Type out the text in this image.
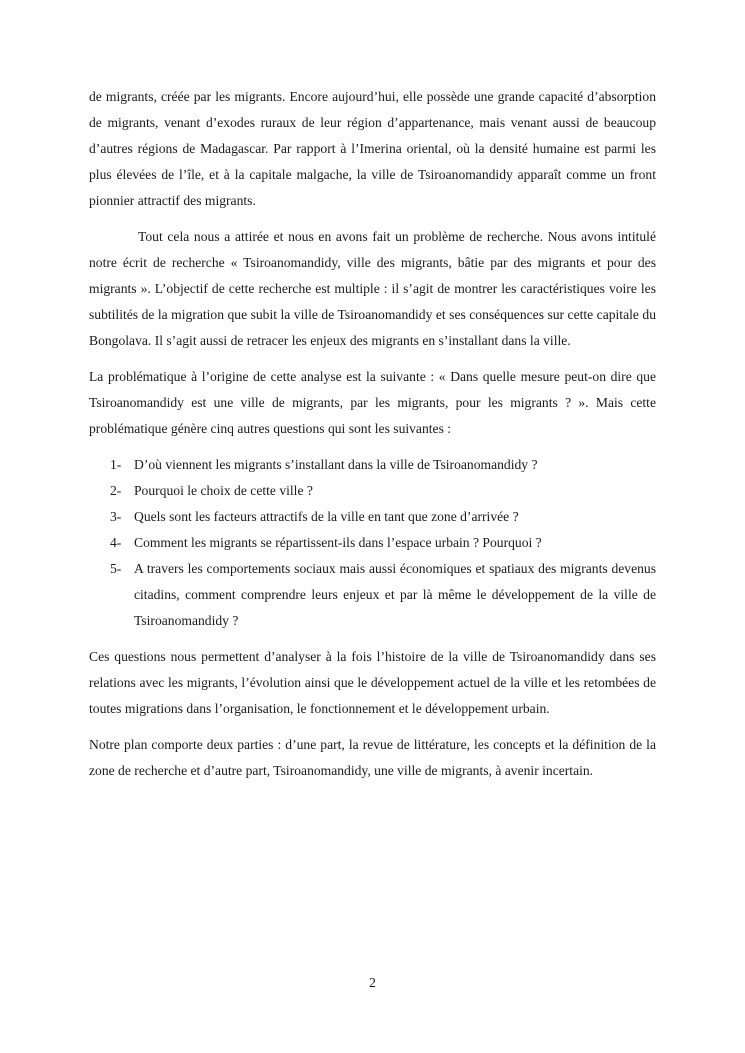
de migrants, créée par les migrants. Encore aujourd’hui, elle possède une grande capacité d’absorption de migrants, venant d’exodes ruraux de leur région d’appartenance, mais venant aussi de beaucoup d’autres régions de Madagascar. Par rapport à l’Imerina oriental, où la densité humaine est parmi les plus élevées de l’île, et à la capitale malgache, la ville de Tsiroanomandidy apparaît comme un front pionnier attractif des migrants.

Tout cela nous a attirée et nous en avons fait un problème de recherche. Nous avons intitulé notre écrit de recherche « Tsiroanomandidy, ville des migrants, bâtie par des migrants et pour des migrants ». L’objectif de cette recherche est multiple : il s’agit de montrer les caractéristiques voire les subtilités de la migration que subit la ville de Tsiroanomandidy et ses conséquences sur cette capitale du Bongolava. Il s’agit aussi de retracer les enjeux des migrants en s’installant dans la ville.

La problématique à l’origine de cette analyse est la suivante : « Dans quelle mesure peut-on dire que Tsiroanomandidy est une ville de migrants, par les migrants, pour les migrants ? ». Mais cette problématique génère cinq autres questions qui sont les suivantes :

1- D’où viennent les migrants s’installant dans la ville de Tsiroanomandidy ?
2- Pourquoi le choix de cette ville ?
3- Quels sont les facteurs attractifs de la ville en tant que zone d’arrivée ?
4- Comment les migrants se répartissent-ils dans l’espace urbain ? Pourquoi ?
5- A travers les comportements sociaux mais aussi économiques et spatiaux des migrants devenus citadins, comment comprendre leurs enjeux et par là même le développement de la ville de Tsiroanomandidy ?

Ces questions nous permettent d’analyser à la fois l’histoire de la ville de Tsiroanomandidy dans ses relations avec les migrants, l’évolution ainsi que le développement actuel de la ville et les retombées de toutes migrations dans l’organisation, le fonctionnement et le développement urbain.

Notre plan comporte deux parties : d’une part, la revue de littérature, les concepts et la définition de la zone de recherche et d’autre part, Tsiroanomandidy, une ville de migrants, à avenir incertain.

2
